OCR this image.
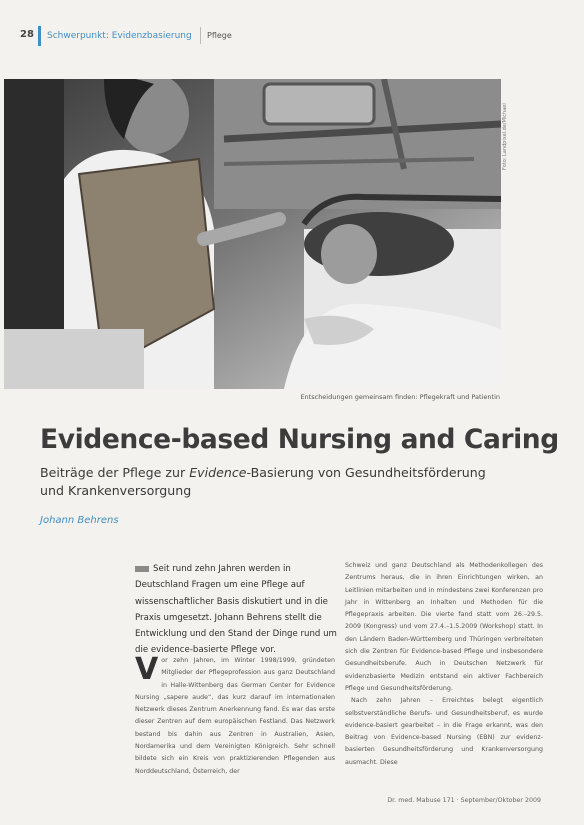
28 Schwerpunkt: Evidenzbasierung Pflege
Foto: Landpixel.de/Michael
Entscheidungen gemeinsam finden: Pflegekraft und Patientin
Evidence-based Nursing and Caring
Beiträge der Pflege zur Evidence-Basierung von Gesundheitsförderung und Krankenversorgung
Johann Behrens
Seit rund zehn Jahren werden in Deutschland Fragen um eine Pflege auf wissenschaftlicher Basis diskutiert und in die Praxis umgesetzt. Johann Behrens stellt die Entwicklung und den Stand der Dinge rund um die evidence-basierte Pflege vor.
Vor zehn Jahren, im Winter 1998/1999, gründeten Mitglieder der Pflegeprofession aus ganz Deutschland in Halle-Wittenberg das German Center for Evidence Nursing „sapere aude“, das kurz darauf im internationalen Netzwerk dieses Zentrum Anerkennung fand. Es war das erste dieser Zentren auf dem europäischen Festland. Das Netzwerk bestand bis dahin aus Zentren in Australien, Asien, Nordamerika und dem Vereinigten Königreich. Sehr schnell bildete sich ein Kreis von praktizierenden Pflegenden aus Norddeutschland, Österreich, der
Schweiz und ganz Deutschland als Methodenkollegen des Zentrums heraus, die in ihren Einrichtungen wirken, an Leitlinien mitarbeiten und in mindestens zwei Konferenzen pro Jahr in Wittenberg an Inhalten und Methoden für die Pflegepraxis arbeiten. Die vierte fand statt vom 26.–29.5. 2009 (Kongress) und vom 27.4.–1.5.2009 (Workshop) statt. In den Ländern Baden-Württemberg und Thüringen verbreiteten sich die Zentren für Evidence-based Pflege und insbesondere Gesundheitsberufe. Auch in Deutschen Netzwerk für evidenzbasierte Medizin entstand ein aktiver Fachbereich Pflege und Gesundheitsförderung.
Nach zehn Jahren – Erreichtes belegt eigentlich selbstverständliche Berufs- und Gesundheitsberuf, es wurde evidence-basiert gearbeitet – in die Frage erkannt, was den Beitrag von Evidence-based Nursing (EBN) zur evidenz-basierten Gesundheitsförderung und Krankenversorgung ausmacht. Diese
Dr. med. Mabuse 171 · September/Oktober 2009
